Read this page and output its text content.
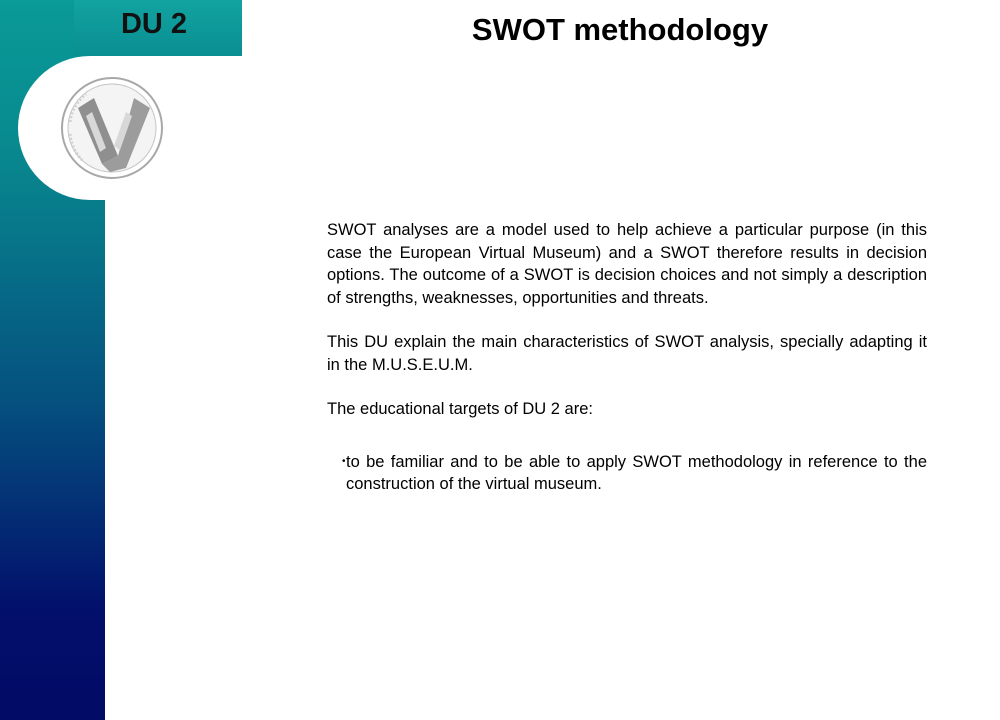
DU 2	SWOT methodology

SWOT analyses are a model used to help achieve a particular purpose (in this case the European Virtual Museum) and a SWOT therefore results in decision options. The outcome of a SWOT is decision choices and not simply a description of strengths, weaknesses, opportunities and threats.

This DU explain the main characteristics of SWOT analysis, specially adapting it in the M.U.S.E.U.M.

The educational targets of DU 2 are:

• to be familiar and to be able to apply SWOT methodology in reference to the construction of the virtual museum.
